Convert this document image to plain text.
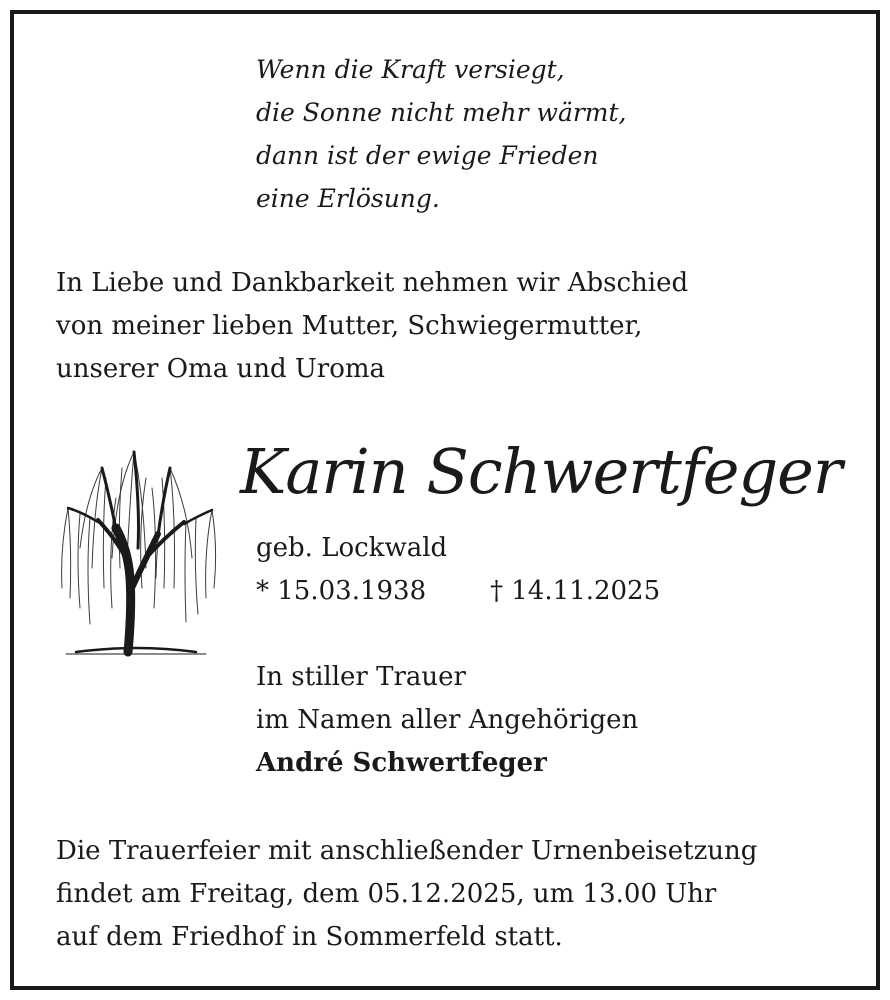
Wenn die Kraft versiegt,
die Sonne nicht mehr wärmt,
dann ist der ewige Frieden
eine Erlösung.
In Liebe und Dankbarkeit nehmen wir Abschied
von meiner lieben Mutter, Schwiegermutter,
unserer Oma und Uroma
Karin Schwertfeger
geb. Lockwald
* 15.03.1938 † 14.11.2025
In stiller Trauer
im Namen aller Angehörigen
André Schwertfeger
Die Trauerfeier mit anschließender Urnenbeisetzung
findet am Freitag, dem 05.12.2025, um 13.00 Uhr
auf dem Friedhof in Sommerfeld statt.
